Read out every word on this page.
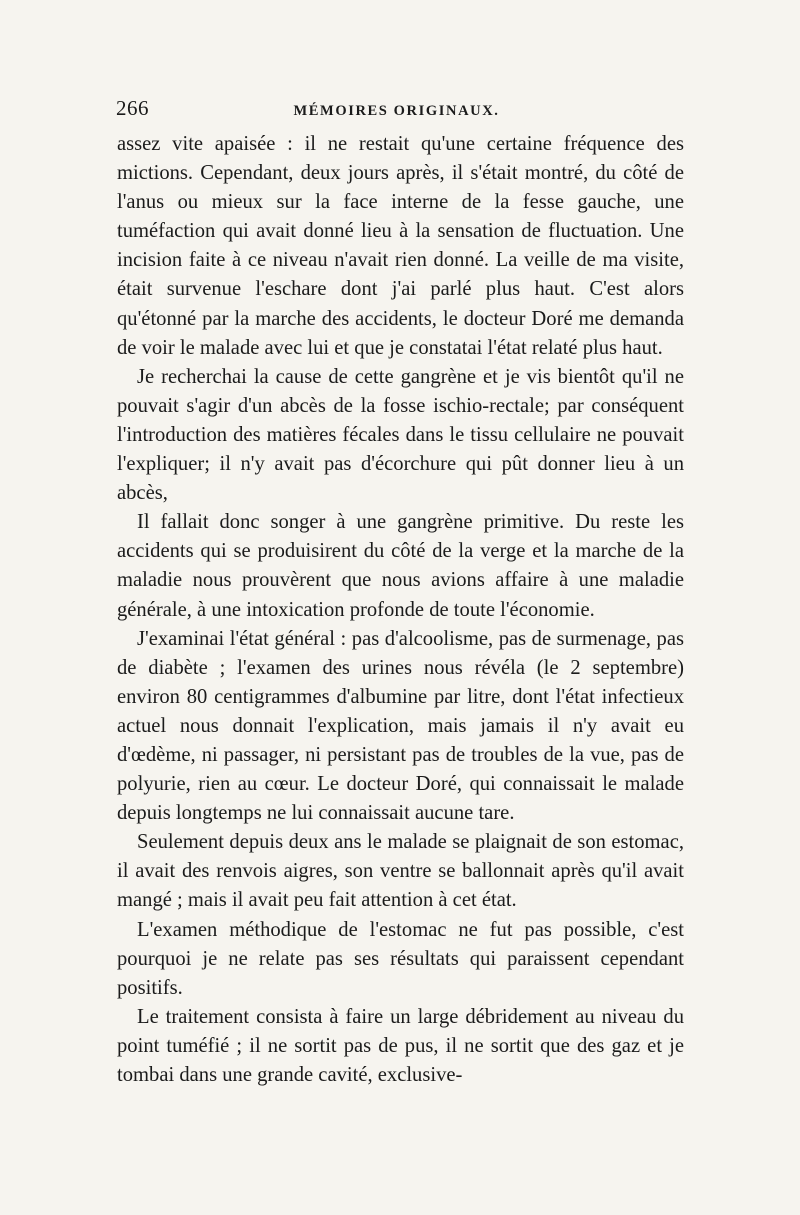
266	MÉMOIRES ORIGINAUX.

assez vite apaisée : il ne restait qu'une certaine fréquence des mictions. Cependant, deux jours après, il s'était montré, du côté de l'anus ou mieux sur la face interne de la fesse gauche, une tuméfaction qui avait donné lieu à la sensation de fluctuation. Une incision faite à ce niveau n'avait rien donné. La veille de ma visite, était survenue l'eschare dont j'ai parlé plus haut. C'est alors qu'étonné par la marche des accidents, le docteur Doré me demanda de voir le malade avec lui et que je constatai l'état relaté plus haut.

Je recherchai la cause de cette gangrène et je vis bientôt qu'il ne pouvait s'agir d'un abcès de la fosse ischio-rectale; par conséquent l'introduction des matières fécales dans le tissu cellulaire ne pouvait l'expliquer; il n'y avait pas d'écorchure qui pût donner lieu à un abcès,

Il fallait donc songer à une gangrène primitive. Du reste les accidents qui se produisirent du côté de la verge et la marche de la maladie nous prouvèrent que nous avions affaire à une maladie générale, à une intoxication profonde de toute l'économie.

J'examinai l'état général : pas d'alcoolisme, pas de surmenage, pas de diabète ; l'examen des urines nous révéla (le 2 septembre) environ 80 centigrammes d'albumine par litre, dont l'état infectieux actuel nous donnait l'explication, mais jamais il n'y avait eu d'œdème, ni passager, ni persistant pas de troubles de la vue, pas de polyurie, rien au cœur. Le docteur Doré, qui connaissait le malade depuis longtemps ne lui connaissait aucune tare.

Seulement depuis deux ans le malade se plaignait de son estomac, il avait des renvois aigres, son ventre se ballonnait après qu'il avait mangé ; mais il avait peu fait attention à cet état.

L'examen méthodique de l'estomac ne fut pas possible, c'est pourquoi je ne relate pas ses résultats qui paraissent cependant positifs.

Le traitement consista à faire un large débridement au niveau du point tuméfié ; il ne sortit pas de pus, il ne sortit que des gaz et je tombai dans une grande cavité, exclusive-
